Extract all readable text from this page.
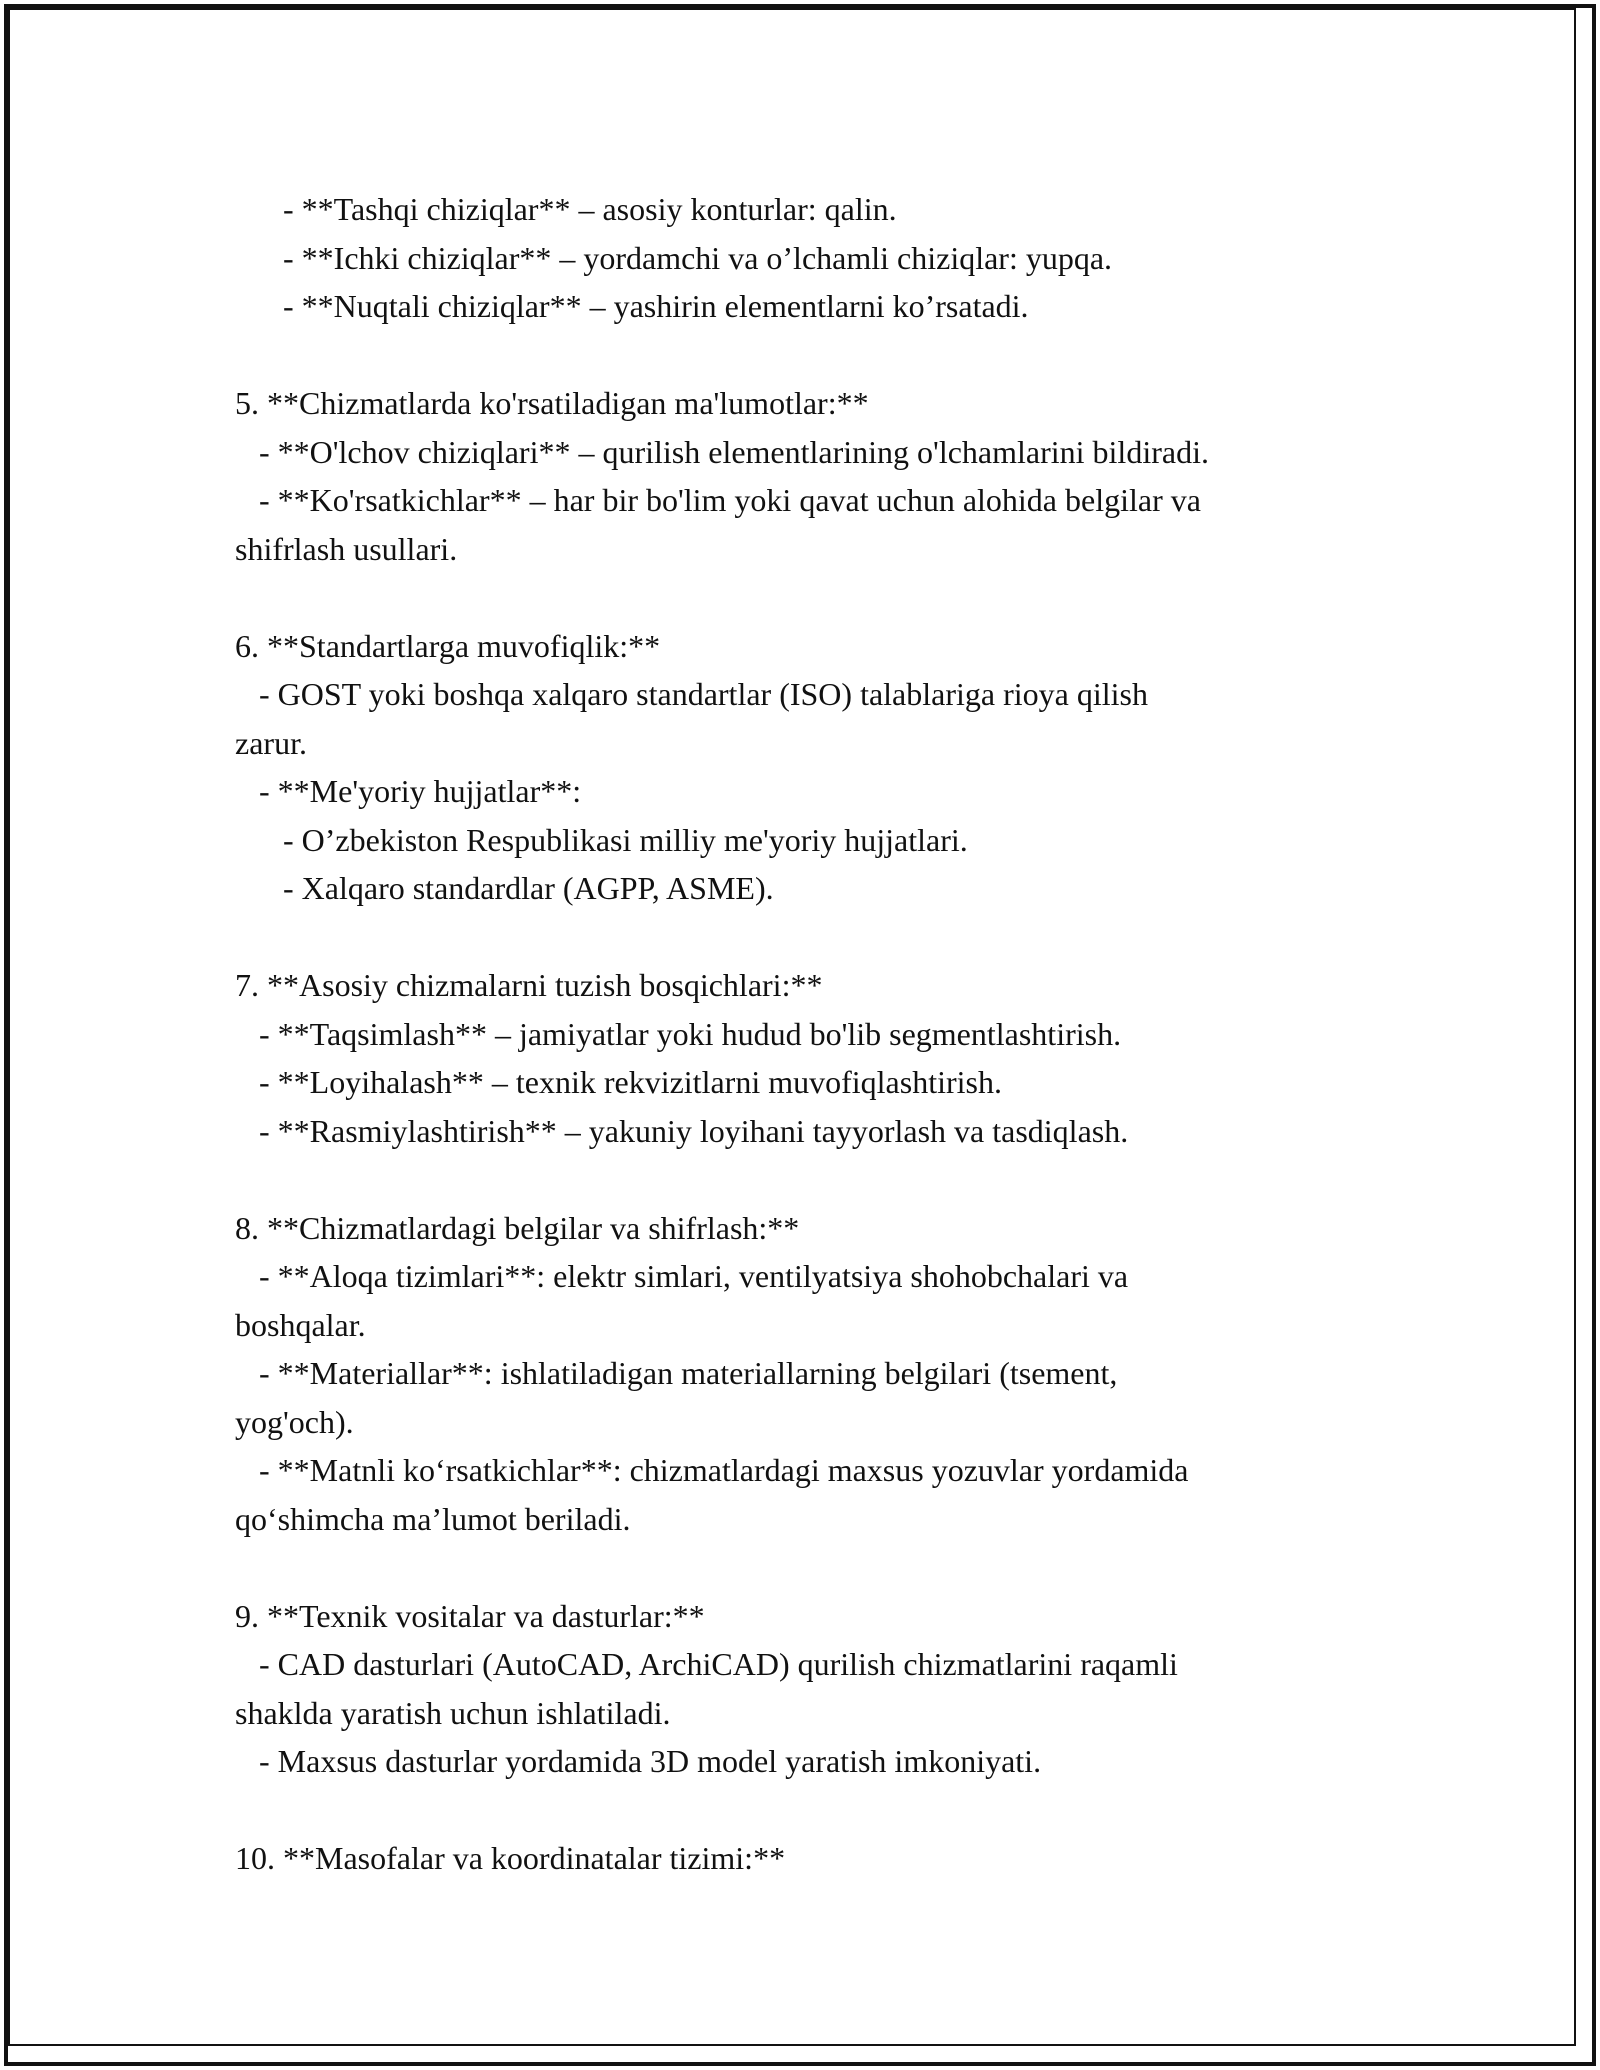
- **Tashqi chiziqlar** – asosiy konturlar: qalin.
- **Ichki chiziqlar** – yordamchi va o’lchamli chiziqlar: yupqa.
- **Nuqtali chiziqlar** – yashirin elementlarni ko’rsatadi.
5. **Chizmatlarda ko'rsatiladigan ma'lumotlar:**
- **O'lchov chiziqlari** – qurilish elementlarining o'lchamlarini bildiradi.
- **Ko'rsatkichlar** – har bir bo'lim yoki qavat uchun alohida belgilar va
shifrlash usullari.
6. **Standartlarga muvofiqlik:**
- GOST yoki boshqa xalqaro standartlar (ISO) talablariga rioya qilish
zarur.
- **Me'yoriy hujjatlar**:
- O’zbekiston Respublikasi milliy me'yoriy hujjatlari.
- Xalqaro standardlar (AGPP, ASME).
7. **Asosiy chizmalarni tuzish bosqichlari:**
- **Taqsimlash** – jamiyatlar yoki hudud bo'lib segmentlashtirish.
- **Loyihalash** – texnik rekvizitlarni muvofiqlashtirish.
- **Rasmiylashtirish** – yakuniy loyihani tayyorlash va tasdiqlash.
8. **Chizmatlardagi belgilar va shifrlash:**
- **Aloqa tizimlari**: elektr simlari, ventilyatsiya shohobchalari va
boshqalar.
- **Materiallar**: ishlatiladigan materiallarning belgilari (tsement,
yog'och).
- **Matnli ko‘rsatkichlar**: chizmatlardagi maxsus yozuvlar yordamida
qo‘shimcha ma’lumot beriladi.
9. **Texnik vositalar va dasturlar:**
- CAD dasturlari (AutoCAD, ArchiCAD) qurilish chizmatlarini raqamli
shaklda yaratish uchun ishlatiladi.
- Maxsus dasturlar yordamida 3D model yaratish imkoniyati.
10. **Masofalar va koordinatalar tizimi:**
